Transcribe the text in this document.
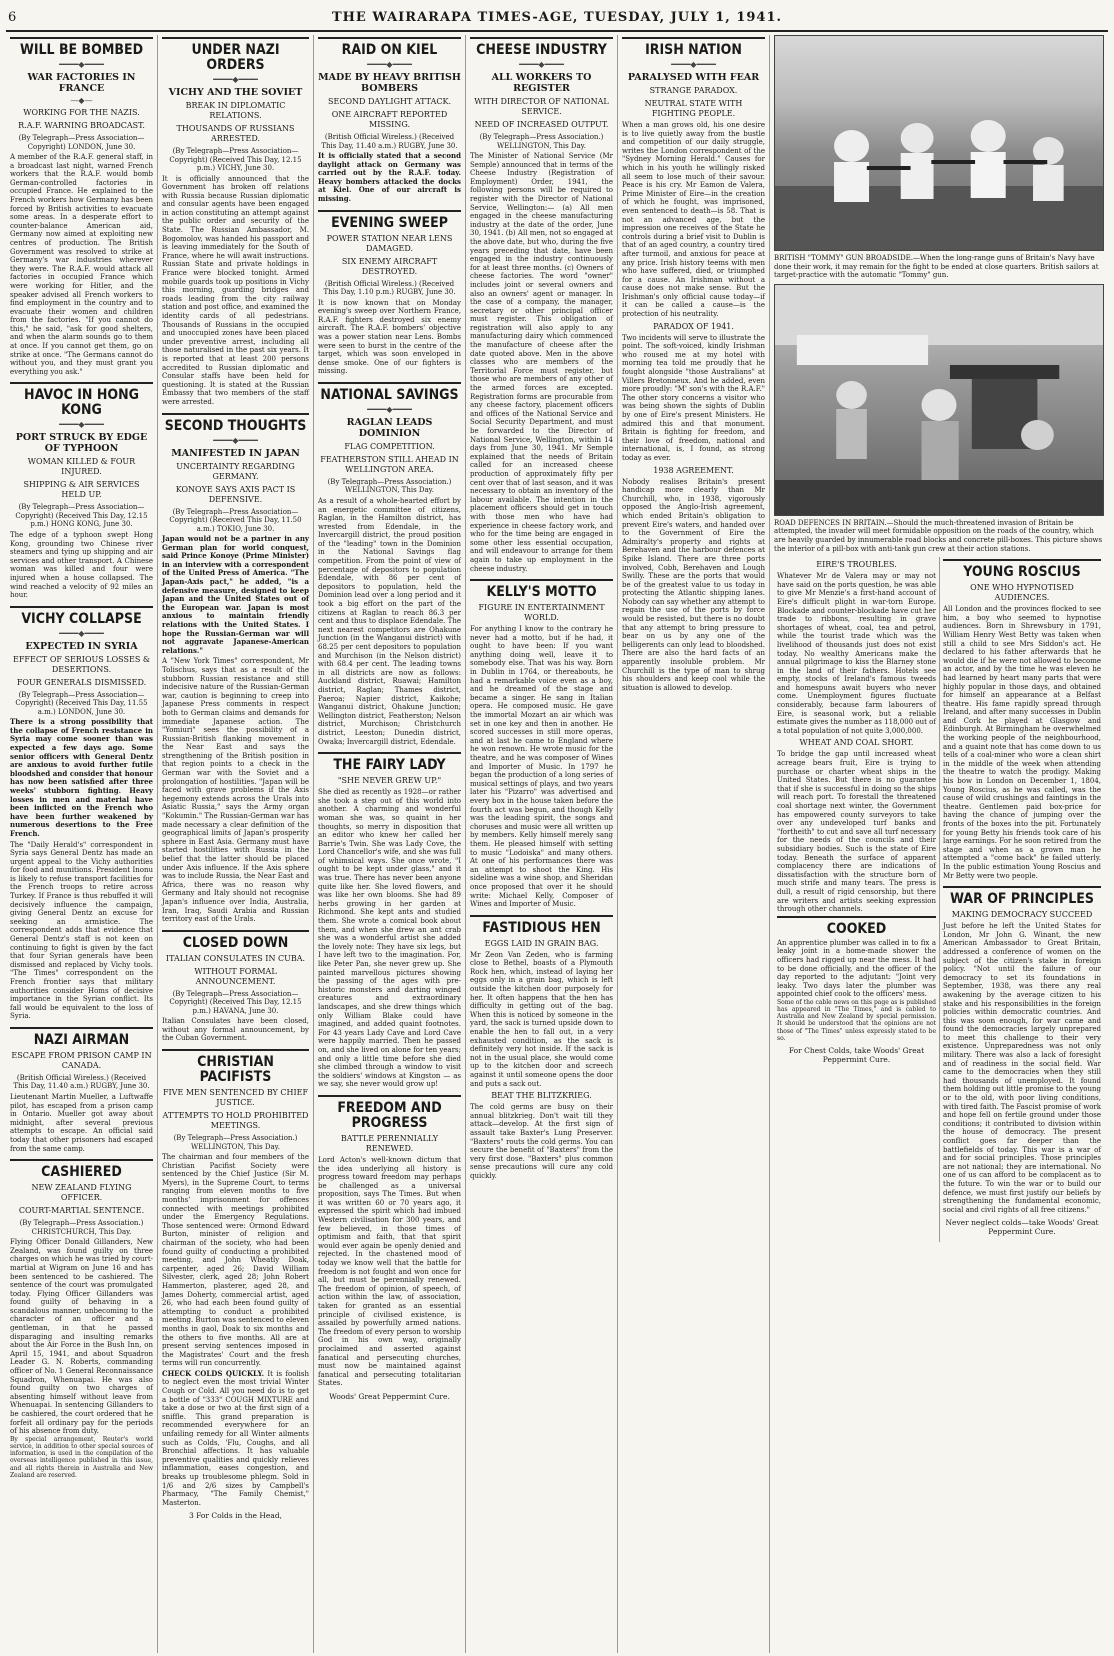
6	THE WAIRARAPA TIMES-AGE, TUESDAY, JULY 1, 1941.
WILL BE BOMBED
━━━━◆━━━━
WAR FACTORIES IN FRANCE
—◆—
WORKING FOR THE NAZIS.
R.A.F. WARNING BROADCAST.
(By Telegraph—Press Association—Copyright) LONDON, June 30.
A member of the R.A.F. general staff, in a broadcast last night, warned French workers that the R.A.F. would bomb German-controlled factories in occupied France. He explained to the French workers how Germany has been forced by British activities to evacuate some areas. In a desperate effort to counter-balance American aid, Germany now aimed at exploiting new centres of production. The British Government was resolved to strike at Germany's war industries wherever they were. The R.A.F. would attack all factories in occupied France which were working for Hitler, and the speaker advised all French workers to find employment in the country and to evacuate their women and children from the factories. "If you cannot do this," he said, "ask for good shelters, and when the alarm sounds go to them at once. If you cannot get them, go on strike at once. "The Germans cannot do without you, and they must grant you everything you ask."
HAVOC IN HONG KONG
━━━━◆━━━━
PORT STRUCK BY EDGE OF TYPHOON
WOMAN KILLED & FOUR INJURED.
SHIPPING & AIR SERVICES HELD UP.
(By Telegraph—Press Association—Copyright) (Received This Day, 12.15 p.m.) HONG KONG, June 30.
The edge of a typhoon swept Hong Kong, grounding two Chinese river steamers and tying up shipping and air services and other transport. A Chinese woman was killed and four were injured when a house collapsed. The wind reached a velocity of 92 miles an hour.
VICHY COLLAPSE
━━━━◆━━━━
EXPECTED IN SYRIA
EFFECT OF SERIOUS LOSSES & DESERTIONS.
FOUR GENERALS DISMISSED.
(By Telegraph—Press Association—Copyright) (Received This Day, 11.55 a.m.) LONDON, June 30.
There is a strong possibility that the collapse of French resistance in Syria may come sooner than was expected a few days ago. Some senior officers with General Dentz are anxious to avoid further futile bloodshed and consider that honour has now been satisfied after three weeks' stubborn fighting. Heavy losses in men and material have been inflicted on the French who have been further weakened by numerous desertions to the Free French.
The "Daily Herald's" correspondent in Syria says General Dentz has made an urgent appeal to the Vichy authorities for food and munitions. President Inonu is likely to refuse transport facilities for the French troops to retire across Turkey. If France is thus rebuffed it will decisively influence the campaign, giving General Dentz an excuse for seeking an armistice. The correspondent adds that evidence that General Dentz's staff is not keen on continuing to fight is given by the fact that four Syrian generals have been dismissed and replaced by Vichy tools. "The Times" correspondent on the French frontier says that military authorities consider Homs of decisive importance in the Syrian conflict. Its fall would be equivalent to the loss of Syria.
NAZI AIRMAN
ESCAPE FROM PRISON CAMP IN CANADA.
(British Official Wireless.) (Received This Day, 11.40 a.m.) RUGBY, June 30.
Lieutenant Martin Mueller, a Luftwaffe pilot, has escaped from a prison camp in Ontario. Mueller got away about midnight, after several previous attempts to escape. An official said today that other prisoners had escaped from the same camp.
CASHIERED
NEW ZEALAND FLYING OFFICER.
COURT-MARTIAL SENTENCE.
(By Telegraph—Press Association.) CHRISTCHURCH, This Day.
Flying Officer Donald Gillanders, New Zealand, was found guilty on three charges on which he was tried by court-martial at Wigram on June 16 and has been sentenced to be cashiered. The sentence of the court was promulgated today. Flying Officer Gillanders was found guilty of behaving in a scandalous manner, unbecoming to the character of an officer and a gentleman, in that he passed disparaging and insulting remarks about the Air Force in the Bush Inn, on April 15, 1941, and about Squadron Leader G. N. Roberts, commanding officer of No. 1 General Reconnaissance Squadron, Whenuapai. He was also found guilty on two charges of absenting himself without leave from Whenuapai. In sentencing Gillanders to be cashiered, the court ordered that he forfeit all ordinary pay for the periods of his absence from duty.
By special arrangement, Reuter's world service, in addition to other special sources of information, is used in the compilation of the overseas intelligence published in this issue, and all rights therein in Australia and New Zealand are reserved.
UNDER NAZI ORDERS
━━━━◆━━━━
VICHY AND THE SOVIET
BREAK IN DIPLOMATIC RELATIONS.
THOUSANDS OF RUSSIANS ARRESTED.
(By Telegraph—Press Association—Copyright) (Received This Day, 12.15 p.m.) VICHY, June 30.
It is officially announced that the Government has broken off relations with Russia because Russian diplomatic and consular agents have been engaged in action constituting an attempt against the public order and security of the State. The Russian Ambassador, M. Bogomolov, was handed his passport and is leaving immediately for the South of France, where he will await instructions. Russian State and private holdings in France were blocked tonight. Armed mobile guards took up positions in Vichy this morning, guarding bridges and roads leading from the city railway station and post office, and examined the identity cards of all pedestrians. Thousands of Russians in the occupied and unoccupied zones have been placed under preventive arrest, including all those naturalised in the past six years. It is reported that at least 200 persons accredited to Russian diplomatic and Consular staffs have been held for questioning. It is stated at the Russian Embassy that two members of the staff were arrested.
SECOND THOUGHTS
━━━━◆━━━━
MANIFESTED IN JAPAN
UNCERTAINTY REGARDING GERMANY.
KONOYE SAYS AXIS PACT IS DEFENSIVE.
(By Telegraph—Press Association—Copyright) (Received This Day, 11.50 a.m.) TOKIO, June 30.
Japan would not be a partner in any German plan for world conquest, said Prince Konoye (Prime Minister) in an interview with a correspondent of the United Press of America. "The Japan-Axis pact," he added, "is a defensive measure, designed to keep Japan and the United States out of the European war. Japan is most anxious to maintain friendly relations with the United States. I hope the Russian-German war will not aggravate Japanese-American relations."
A "New York Times" correspondent, Mr Tolischus, says that as a result of the stubborn Russian resistance and still indecisive nature of the Russian-German war, caution is beginning to creep into Japanese Press comments in respect both to German claims and demands for immediate Japanese action. The "Yomiuri" sees the possibility of a Russian-British flanking movement in the Near East and says the strengthening of the British position in that region points to a check in the German war with the Soviet and a prolongation of hostilities. "Japan will be faced with grave problems if the Axis hegemony extends across the Urals into Asiatic Russia," says the Army organ "Kokumin." The Russian-German war has made necessary a clear definition of the geographical limits of Japan's prosperity sphere in East Asia. Germany must have started hostilities with Russia in the belief that the latter should be placed under Axis influence. If the Axis sphere was to include Russia, the Near East and Africa, there was no reason why Germany and Italy should not recognise Japan's influence over India, Australia, Iran, Iraq, Saudi Arabia and Russian territory east of the Urals.
CLOSED DOWN
ITALIAN CONSULATES IN CUBA.
WITHOUT FORMAL ANNOUNCEMENT.
(By Telegraph—Press Association—Copyright) (Received This Day, 12.15 p.m.) HAVANA, June 30.
Italian Consulates have been closed, without any formal announcement, by the Cuban Government.
CHRISTIAN PACIFISTS
FIVE MEN SENTENCED BY CHIEF JUSTICE.
ATTEMPTS TO HOLD PROHIBITED MEETINGS.
(By Telegraph—Press Association.) WELLINGTON, This Day.
The chairman and four members of the Christian Pacifist Society were sentenced by the Chief Justice (Sir M. Myers), in the Supreme Court, to terms ranging from eleven months to five months' imprisonment for offences connected with meetings prohibited under the Emergency Regulations. Those sentenced were: Ormond Edward Burton, minister of religion and chairman of the society, who had been found guilty of conducting a prohibited meeting, and John Wheatly Doak, carpenter, aged 26; David William Silvester, clerk, aged 28; John Robert Hammerton, plasterer, aged 28, and James Doherty, commercial artist, aged 26, who had each been found guilty of attempting to conduct a prohibited meeting. Burton was sentenced to eleven months in gaol, Doak to six months and the others to five months. All are at present serving sentences imposed in the Magistrates' Court and the fresh terms will run concurrently.
CHECK COLDS QUICKLY. It is foolish to neglect even the most trivial Winter Cough or Cold. All you need do is to get a bottle of "333" COUGH MIXTURE and take a dose or two at the first sign of a sniffle. This grand preparation is recommended everywhere for an unfailing remedy for all Winter ailments such as Colds, 'Flu, Coughs, and all Bronchial affections. It has valuable preventive qualities and quickly relieves inflammation, eases congestion, and breaks up troublesome phlegm. Sold in 1/6 and 2/6 sizes by Campbell's Pharmacy, "The Family Chemist," Masterton.
3 For Colds in the Head,
RAID ON KIEL
━━━━◆━━━━
MADE BY HEAVY BRITISH BOMBERS
SECOND DAYLIGHT ATTACK.
ONE AIRCRAFT REPORTED MISSING.
(British Official Wireless.) (Received This Day, 11.40 a.m.) RUGBY, June 30.
It is officially stated that a second daylight attack on Germany was carried out by the R.A.F. today. Heavy bombers attacked the docks at Kiel. One of our aircraft is missing.
EVENING SWEEP
POWER STATION NEAR LENS DAMAGED.
SIX ENEMY AIRCRAFT DESTROYED.
(British Official Wireless.) (Received This Day, 1.10 p.m.) RUGBY, June 30.
It is now known that on Monday evening's sweep over Northern France, R.A.F. fighters destroyed six enemy aircraft. The R.A.F. bombers' objective was a power station near Lens. Bombs were seen to burst in the centre of the target, which was soon enveloped in dense smoke. One of our fighters is missing.
NATIONAL SAVINGS
━━━━◆━━━━
RAGLAN LEADS DOMINION
FLAG COMPETITION.
FEATHERSTON STILL AHEAD IN WELLINGTON AREA.
(By Telegraph—Press Association.) WELLINGTON, This Day.
As a result of a whole-hearted effort by an energetic committee of citizens, Raglan, in the Hamilton district, has wrested from Edendale, in the Invercargill district, the proud position of the "leading" town in the Dominion in the National Savings flag competition. From the point of view of percentage of depositors to population Edendale, with 86 per cent of depositors to population, held the Dominion lead over a long period and it took a big effort on the part of the citizens at Raglan to reach 86.3 per cent and thus to displace Edendale. The next nearest competitors are Ohakune Junction (in the Wanganui district) with 68.25 per cent depositors to population and Murchison (in the Nelson district) with 68.4 per cent. The leading towns in all districts are now as follows: Auckland district, Ruawai; Hamilton district, Raglan; Thames district, Paeroa; Napier district, Kaikohe; Wanganui district, Ohakune Junction; Wellington district, Featherston; Nelson district, Murchison; Christchurch district, Leeston; Dunedin district, Owaka; Invercargill district, Edendale.
THE FAIRY LADY
"SHE NEVER GREW UP."
She died as recently as 1928—or rather she took a step out of this world into another. A charming and wonderful woman she was, so quaint in her thoughts, so merry in disposition that an editor who knew her called her Barrie's Twin. She was Lady Cove, the Lord Chancellor's wife, and she was full of whimsical ways. She once wrote, "I ought to be kept under glass," and it was true. There has never been anyone quite like her. She loved flowers, and was like her own blooms. She had 89 herbs growing in her garden at Richmond. She kept ants and studied them. She wrote a comical book about them, and when she drew an ant crab she was a wonderful artist she added the lovely note: They have six legs, but I have left two to the imagination. For, like Peter Pan, she never grew up. She painted marvellous pictures showing the passing of the ages with pre-historic monsters and darting winged creatures and extraordinary landscapes, and she drew things which only William Blake could have imagined, and added quaint footnotes. For 43 years Lady Cave and Lord Cave were happily married. Then he passed on, and she lived on alone for ten years; and only a little time before she died she climbed through a window to visit the soldiers' windows at Kingston — as we say, she never would grow up!
FREEDOM AND PROGRESS
BATTLE PERENNIALLY RENEWED.
Lord Acton's well-known dictum that the idea underlying all history is progress toward freedom may perhaps be challenged as a universal proposition, says The Times. But when it was written 60 or 70 years ago, it expressed the spirit which had imbued Western civilisation for 300 years, and few believed, in those times of optimism and faith, that that spirit would ever again be openly denied and rejected. In the chastened mood of today we know well that the battle for freedom is not fought and won once for all, but must be perennially renewed. The freedom of opinion, of speech, of action within the law, of association, taken for granted as an essential principle of civilised existence, is assailed by powerfully armed nations. The freedom of every person to worship God in his own way, originally proclaimed and asserted against fanatical and persecuting churches, must now be maintained against fanatical and persecuting totalitarian States.
Woods' Great Peppermint Cure.
CHEESE INDUSTRY
━━━━◆━━━━
ALL WORKERS TO REGISTER
WITH DIRECTOR OF NATIONAL SERVICE.
NEED OF INCREASED OUTPUT.
(By Telegraph—Press Association.) WELLINGTON, This Day.
The Minister of National Service (Mr Semple) announced that in terms of the Cheese Industry (Registration of Employment) Order, 1941, the following persons will be required to register with the Director of National Service, Wellington:— (a) All men engaged in the cheese manufacturing industry at the date of the order, June 30, 1941. (b) All men, not so engaged at the above date, but who, during the five years preceding that date, have been engaged in the industry continuously for at least three months. (c) Owners of cheese factories. The word "owner" includes joint or several owners and also an owners' agent or manager. In the case of a company, the manager, secretary or other principal officer must register. This obligation of registration will also apply to any manufacturing dairy which commenced the manufacture of cheese after the date quoted above. Men in the above classes who are members of the Territorial Force must register, but those who are members of any other of the armed forces are excepted. Registration forms are procurable from any cheese factory, placement officers and offices of the National Service and Social Security Department, and must be forwarded to the Director of National Service, Wellington, within 14 days from June 30, 1941. Mr Semple explained that the needs of Britain called for an increased cheese production of approximately fifty per cent over that of last season, and it was necessary to obtain an inventory of the labour available. The intention in the placement officers should get in touch with those men who have had experience in cheese factory work, and who for the time being are engaged in some other less essential occupation, and will endeavour to arrange for them again to take up employment in the cheese industry.
KELLY'S MOTTO
FIGURE IN ENTERTAINMENT WORLD.
For anything I know to the contrary he never had a motto, but if he had, it ought to have been: If you want anything doing well, leave it to somebody else. That was his way. Born in Dublin in 1764, or thereabouts, he had a remarkable voice even as a boy, and he dreamed of the stage and became a singer. He sang in Italian opera. He composed music. He gave the immortal Mozart an air which was set in one key and then in another. He scored successes in still more operas, and at last he came to England where he won renown. He wrote music for the theatre, and he was composer of Wines and Importer of Music. In 1797 he began the production of a long series of musical settings of plays, and two years later his "Pizarro" was advertised and every box in the house taken before the fourth act was begun, and though Kelly was the leading spirit, the songs and choruses and music were all written up by members. Kelly himself merely sang them. He pleased himself with setting to music "Lodoiska" and many others. At one of his performances there was an attempt to shoot the King. His sideline was a wine shop, and Sheridan once proposed that over it he should write: Michael Kelly, Composer of Wines and Importer of Music.
FASTIDIOUS HEN
EGGS LAID IN GRAIN BAG.
Mr Zeon Van Zeden, who is farming close to Bethel, boasts of a Plymouth Rock hen, which, instead of laying her eggs only in a grain bag, which is left outside the kitchen door purposely for her. It often happens that the hen has difficulty in getting out of the bag. When this is noticed by someone in the yard, the sack is turned upside down to enable the hen to fall out, in a very exhausted condition, as the sack is definitely very hot inside. If the sack is not in the usual place, she would come up to the kitchen door and screech against it until someone opens the door and puts a sack out.
BEAT THE BLITZKRIEG.
The cold germs are busy on their annual blitzkrieg. Don't wait till they attack—develop. At the first sign of assault take Baxter's Lung Preserver. "Baxters" routs the cold germs. You can secure the benefit of "Baxters" from the very first dose. "Baxters" plus common sense precautions will cure any cold quickly.
IRISH NATION
━━━━◆━━━━
PARALYSED WITH FEAR
STRANGE PARADOX.
NEUTRAL STATE WITH FIGHTING PEOPLE.
When a man grows old, his one desire is to live quietly away from the bustle and competition of our daily struggle, writes the London correspondent of the "Sydney Morning Herald." Causes for which in his youth he willingly risked all seem to lose much of their savour. Peace is his cry. Mr Eamon de Valera, Prime Minister of Eire—in the creation of which he fought, was imprisoned, even sentenced to death—is 58. That is not an advanced age, but the impression one receives of the State he controls during a brief visit to Dublin is that of an aged country, a country tired after turmoil, and anxious for peace at any price. Irish history teems with men who have suffered, died, or triumphed for a cause. An Irishman without a cause does not make sense. But the Irishman's only official cause today—if it can be called a cause—is the protection of his neutrality.
PARADOX OF 1941.
Two incidents will serve to illustrate the point. The soft-voiced, kindly Irishman who roused me at my hotel with morning tea told me proudly that he fought alongside "those Australians" at Villers Bretonneux. And he added, even more proudly: "M' son's with the R.A.F." The other story concerns a visitor who was being shown the sights of Dublin by one of Eire's present Ministers. He admired this and that monument. Britain is fighting for freedom, and their love of freedom, national and international, is, I found, as strong today as ever.
1938 AGREEMENT.
Nobody realises Britain's present handicap more clearly than Mr Churchill, who, in 1938, vigorously opposed the Anglo-Irish agreement, which ended Britain's obligation to prevent Eire's waters, and handed over to the Government of Eire the Admiralty's property and rights at Berehaven and the harbour defences at Spike Island. There are three ports involved, Cobh, Berehaven and Lough Swilly. These are the ports that would be of the greatest value to us today in protecting the Atlantic shipping lanes. Nobody can say whether any attempt to regain the use of the ports by force would be resisted, but there is no doubt that any attempt to bring pressure to bear on us by any one of the belligerents can only lead to bloodshed. There are also the hard facts of an apparently insoluble problem. Mr Churchill is the type of man to shrug his shoulders and keep cool while the situation is allowed to develop.
BRITISH "TOMMY" GUN BROADSIDE.—When the long-range guns of Britain's Navy have done their work, it may remain for the fight to be ended at close quarters. British sailors at target-practice with the automatic "Tommy" gun.
ROAD DEFENCES IN BRITAIN.—Should the much-threatened invasion of Britain be attempted, the invader will meet formidable opposition on the roads of the country, which are heavily guarded by innumerable road blocks and concrete pill-boxes. This picture shows the interior of a pill-box with anti-tank gun crew at their action stations.
EIRE'S TROUBLES.
Whatever Mr de Valera may or may not have said on the ports question, he was able to give Mr Menzie's a first-hand account of Eire's difficult plight in war-torn Europe. Blockade and counter-blockade have cut her trade to ribbons, resulting in grave shortages of wheat, coal, tea and petrol, while the tourist trade which was the livelihood of thousands just does not exist today. No wealthy Americans make the annual pilgrimage to kiss the Blarney stone in the land of their fathers. Hotels see empty, stocks of Ireland's famous tweeds and homespuns await buyers who never come. Unemployment figures fluctuate considerably, because farm labourers of Eire, is seasonal work, but a reliable estimate gives the number as 118,000 out of a total population of not quite 3,000,000.
WHEAT AND COAL SHORT.
To bridge the gap until increased wheat acreage bears fruit, Eire is trying to purchase or charter wheat ships in the United States. But there is no guarantee that if she is successful in doing so the ships will reach port. To forestall the threatened coal shortage next winter, the Government has empowered county surveyors to take over any undeveloped turf banks and "fortheith" to cut and save all turf necessary for the needs of the councils and their subsidiary bodies. Such is the state of Eire today. Beneath the surface of apparent complacency there are indications of dissatisfaction with the structure born of much strife and many tears. The press is dull, a result of rigid censorship, but there are writers and artists seeking expression through other channels.
COOKED
An apprentice plumber was called in to fix a leaky joint in a home-made shower the officers had rigged up near the mess. It had to be done officially, and the officer of the day reported to the adjutant: "Joint very leaky. Two days later the plumber was appointed chief cook to the officers' mess.
Some of the cable news on this page as is published has appeared in "The Times," and is cabled to Australia and New Zealand by special permission. It should be understood that the opinions are not those of "The Times" unless expressly stated to be so.
For Chest Colds, take Woods' Great Peppermint Cure.
YOUNG ROSCIUS
ONE WHO HYPNOTISED AUDIENCES.
All London and the provinces flocked to see him, a boy who seemed to hypnotise audiences. Born in Shrewsbury in 1791, William Henry West Betty was taken when still a child to see Mrs Siddon's act. He declared to his father afterwards that he would die if he were not allowed to become an actor, and by the time he was eleven he had learned by heart many parts that were highly popular in those days, and obtained for himself an appearance at a Belfast theatre. His fame rapidly spread through Ireland, and after many successes in Dublin and Cork he played at Glasgow and Edinburgh. At Birmingham he overwhelmed the working people of the neighbourhood, and a quaint note that has come down to us tells of a coal-miner who wore a clean shirt in the middle of the week when attending the theatre to watch the prodigy. Making his bow in London on December 1, 1804, Young Roscius, as he was called, was the cause of wild crushings and faintings in the theatre. Gentlemen paid box-price for having the chance of jumping over the fronts of the boxes into the pit. Fortunately for young Betty his friends took care of his large earnings. For he soon retired from the stage and when as a grown man he attempted a "come back" he failed utterly. In the public estimation Young Roscius and Mr Betty were two people.
WAR OF PRINCIPLES
MAKING DEMOCRACY SUCCEED
Just before he left the United States for London, Mr John G. Winant, the new American Ambassador to Great Britain, addressed a conference of women on the subject of the citizen's stake in foreign policy. "Not until the failure of our democracy to set its foundations in September, 1938, was there any real awakening by the average citizen to his stake and his responsibilities in the foreign policies within democratic countries. And this was soon enough, for war came and found the democracies largely unprepared to meet this challenge to their very existence. Unpreparedness was not only military. There was also a lack of foresight and of readiness in the social field. War came to the democracies when they still had thousands of unemployed. It found them holding out little promise to the young or to the old, with poor living conditions, with tired faith. The Fascist promise of work and hope fell on fertile ground under those conditions; it contributed to division within the house of democracy. The present conflict goes far deeper than the battlefields of today. This war is a war of and for social principles. Those principles are not national; they are international. No one of us can afford to be complacent as to the future. To win the war or to build our defence, we must first justify our beliefs by strengthening the fundamental economic, social and civil rights of all free citizens."
Never neglect colds—take Woods' Great Peppermint Cure.
